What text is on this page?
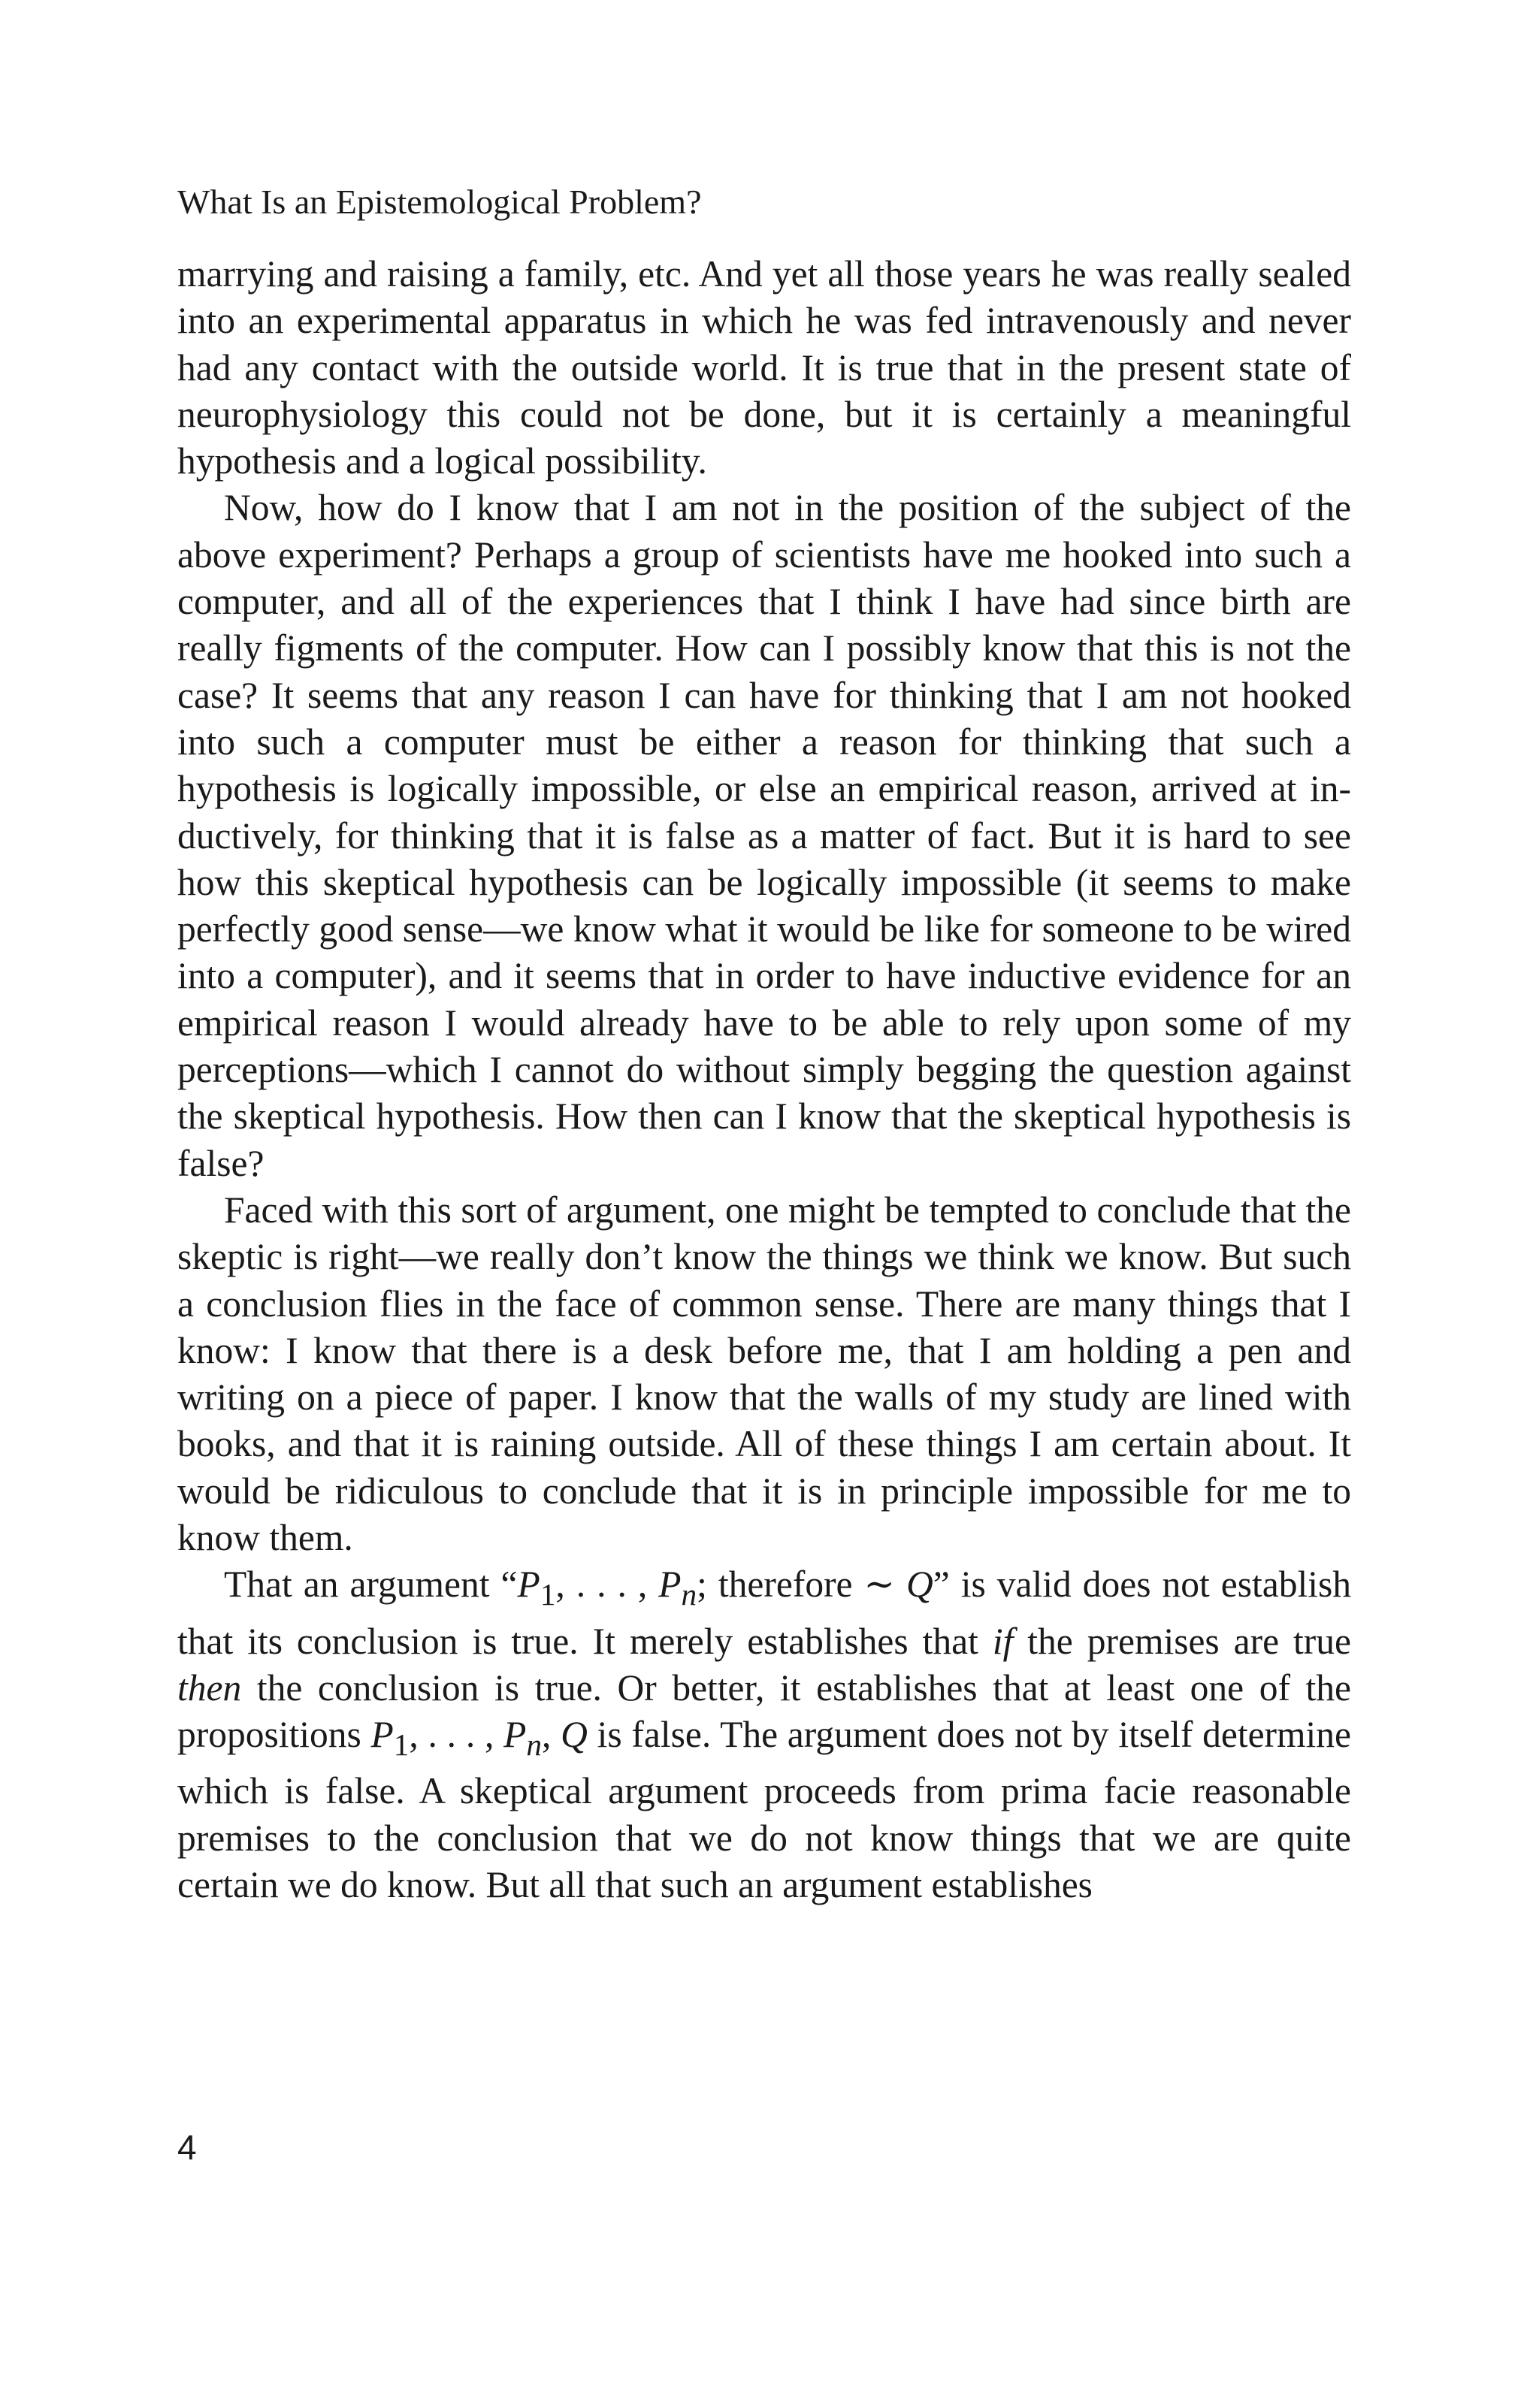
What Is an Epistemological Problem?

marrying and raising a family, etc. And yet all those years he was really sealed into an experimental apparatus in which he was fed intravenously and never had any contact with the outside world. It is true that in the present state of neurophysiology this could not be done, but it is certainly a meaningful hypothesis and a logical possibility.

Now, how do I know that I am not in the position of the subject of the above experiment? Perhaps a group of scientists have me hooked into such a computer, and all of the experiences that I think I have had since birth are really figments of the computer. How can I possibly know that this is not the case? It seems that any reason I can have for thinking that I am not hooked into such a computer must be either a reason for thinking that such a hypothesis is logically impossible, or else an empirical reason, arrived at inductively, for thinking that it is false as a matter of fact. But it is hard to see how this skeptical hypothesis can be logically impossible (it seems to make perfectly good sense—we know what it would be like for someone to be wired into a computer), and it seems that in order to have inductive evidence for an empirical reason I would already have to be able to rely upon some of my perceptions—which I cannot do without simply begging the question against the skeptical hypothesis. How then can I know that the skeptical hypothesis is false?

Faced with this sort of argument, one might be tempted to conclude that the skeptic is right—we really don’t know the things we think we know. But such a conclusion flies in the face of common sense. There are many things that I know: I know that there is a desk before me, that I am holding a pen and writing on a piece of paper. I know that the walls of my study are lined with books, and that it is raining outside. All of these things I am certain about. It would be ridiculous to conclude that it is in principle impossible for me to know them.

That an argument “$P_1$, . . . , $P_n$; therefore ∼ Q” is valid does not establish that its conclusion is true. It merely establishes that if the premises are true then the conclusion is true. Or better, it establishes that at least one of the propositions $P_1$, . . . , $P_n$, Q is false. The argument does not by itself determine which is false. A skeptical argument proceeds from prima facie reasonable premises to the conclusion that we do not know things that we are quite certain we do know. But all that such an argument establishes

4
